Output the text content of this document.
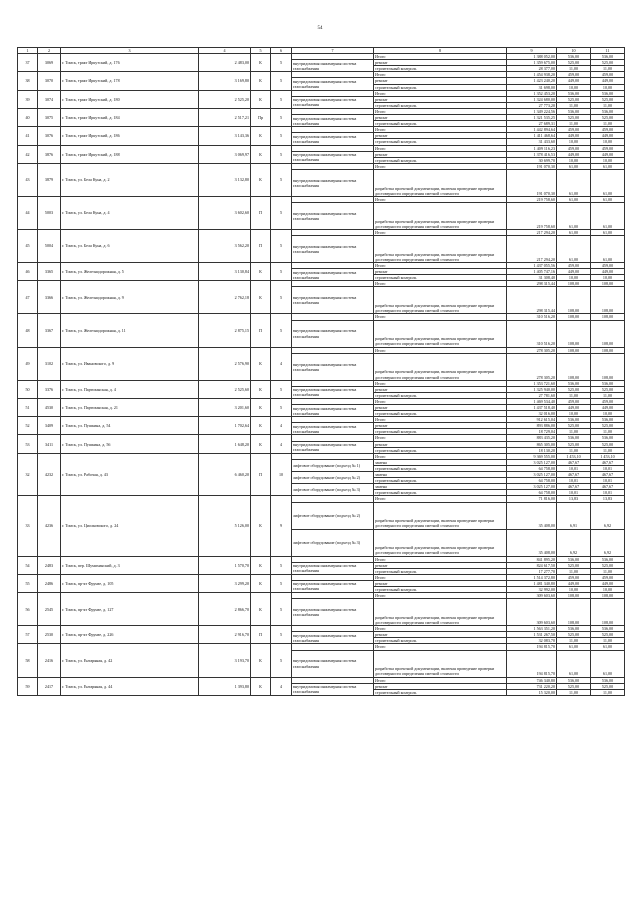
54
1	2	3	4	5	6	7	8	9	10	11
37	3069	г. Томск, тракт Иркутский, д. 176	2 483,00	К	5		Итого	1 388 052,00	536,00	536,00
						внутридомовая инженерная система газоснабжения	ремонт	1 359 675,00	525,00	525,00
							строительный контроль	28 377,00	11,00	11,00
38	3070	г. Томск, тракт Иркутский, д. 178	3 169,80	К	5		Итого	1 454 938,20	459,00	459,00
						внутридомовая инженерная система газоснабжения	ремонт	1 423 240,20	449,00	449,00
							строительный контроль	31 698,00	10,00	10,00
39	3074	г. Томск, тракт Иркутский, д. 180	2 525,20	К	5		Итого	1 352 453,20	536,00	536,00
						внутридомовая инженерная система газоснабжения	ремонт	1 324 680,00	525,00	525,00
							строительный контроль	27 773,20	11,00	11,00
40	3075	г. Томск, тракт Иркутский, д. 184	2 517,21	Пр	5		Итого	1 349 224,56	536,00	536,00
						внутридомовая инженерная система газоснабжения	ремонт	1 321 535,25	525,00	525,00
							строительный контроль	27 689,31	11,00	11,00
41	3076	г. Томск, тракт Иркутский, д. 186	3 143,36	К	5		Итого	1 442 894,64	459,00	459,00
						внутридомовая инженерная система газоснабжения	ремонт	1 411 468,64	449,00	449,00
							строительный контроль	31 433,60	10,00	10,00
42	3876	г. Томск, тракт Иркутский, д. 188	3 069,97	К	5		Итого	1 409 116,23	459,00	459,00
						внутридомовая инженерная система газоснабжения	ремонт	1 378 416,53	449,00	449,00
							строительный контроль	30 699,70	10,00	10,00
43	3879	г. Томск, ул. Бела Куна, д. 2	3 132,80	К	5		Итого	191 070,30	61,00	61,00
						внутридомовая инженерная система газоснабжения	разработка проектной документации, включая проведение проверки достоверности определения сметной стоимости	191 070,30	61,00	61,00
44	5003	г. Томск, ул. Бела Куна, д. 4	3 602,60	П	5		Итого	219 758,60	61,00	61,00
						внутридомовая инженерная система газоснабжения	разработка проектной документации, включая проведение проверки достоверности определения сметной стоимости	219 758,60	61,00	61,00
45	5004	г. Томск, ул. Бела Куна, д. 6	3 562,20	П	5		Итого	217 294,20	61,00	61,00
						внутридомовая инженерная система газоснабжения	разработка проектной документации, включая проведение проверки достоверности определения сметной стоимости	217 294,20	61,00	61,00
46	3365	г. Томск, ул. Железнодорожная, д. 5	3 130,84	К	5		Итого	1 437 055,56	459,00	459,00
						внутридомовая инженерная система газоснабжения	ремонт	1 405 747,16	449,00	449,00
							строительный контроль	31 308,40	10,00	10,00
47	3366	г. Томск, ул. Железнодорожная, д. 9	2 762,18	К	5		Итого	298 315,44	108,00	108,00
						внутридомовая инженерная система газоснабжения	разработка проектной документации, включая проведение проверки достоверности определения сметной стоимости	298 315,44	108,00	108,00
48	3367	г. Томск, ул. Железнодорожная, д. 11	2 875,15	П	5		Итого	310 516,20	108,00	108,00
						внутридомовая инженерная система газоснабжения	разработка проектной документации, включая проведение проверки достоверности определения сметной стоимости	310 516,20	108,00	108,00
49	3102	г. Томск, ул. Ивановского, д. 9	2 576,90	К	4		Итого	278 305,20	108,00	108,00
						внутридомовая инженерная система газоснабжения	разработка проектной документации, включая проведение проверки достоверности определения сметной стоимости	278 305,20	108,00	108,00
50	3376	г. Томск, ул. Партизанская, д. 4	2 525,60	К	5		Итого	1 353 721,60	536,00	536,00
						внутридомовая инженерная система газоснабжения	ремонт	1 325 940,00	525,00	525,00
							строительный контроль	27 781,60	11,00	11,00
51	4530	г. Томск, ул. Партизанская, д. 21	3 201,60	К	5		Итого	1 469 534,40	459,00	459,00
						внутридомовая инженерная система газоснабжения	ремонт	1 437 518,40	449,00	449,00
							строительный контроль	32 016,00	10,00	10,00
52	3409	г. Томск, ул. Пушкина, д. 54	1 702,64	К	4		Итого	912 615,04	536,00	536,00
						внутридомовая инженерная система газоснабжения	ремонт	893 886,00	525,00	525,00
							строительный контроль	18 729,04	11,00	11,00
53	3411	г. Томск, ул. Пушкина, д. 56	1 648,20	К	4		Итого	883 435,20	536,00	536,00
						внутридомовая инженерная система газоснабжения	ремонт	865 305,00	525,00	525,00
							строительный контроль	18 130,20	11,00	11,00
32	4232	г. Томск, ул. Рабочая, д. 43	6 460,20	П	10		Итого	9 369 555,00	1 453,10	1 453,10
						лифтовое оборудование (подъезд № 1)	замена	3 025 127,00	467,67	467,67
							строительный контроль	64 758,00	10,01	10,01
						лифтовое оборудование (подъезд № 2)	замена	3 025 127,00	467,67	467,67
							строительный контроль	64 758,00	10,01	10,01
						лифтовое оборудование (подъезд № 3)	замена	3 025 127,00	467,67	467,67
							строительный контроль	64 758,00	10,01	10,01
33	4236	г. Томск, ул. Циолковского, д. 24	5 126,00	К	9		Итого	71 816,00	13,83	13,83
						лифтовое оборудование (подъезд № 2)	разработка проектной документации, включая проведение проверки достоверности определения сметной стоимости	35 408,00	6,91	6,92
						лифтовое оборудование (подъезд № 3)	разработка проектной документации, включая проведение проверки достоверности определения сметной стоимости	35 408,00	6,92	6,92
54	2483	г. Томск, пер. Шумихинский, д. 3	1 570,70	К	5		Итого	841 895,20	536,00	536,00
						внутридомовая инженерная система газоснабжения	ремонт	824 617,50	525,00	525,00
							строительный контроль	17 277,70	11,00	11,00
55	2486	г. Томск, пр-кт Фрунзе, д. 105	3 299,20	К	5		Итого	1 514 372,80	459,00	459,00
						внутридомовая инженерная система газоснабжения	ремонт	1 481 340,80	449,00	449,00
							строительный контроль	32 992,00	10,00	10,00
56	2545	г. Томск, пр-кт Фрунзе, д. 127	2 866,70	К	5		Итого	309 603,60	108,00	108,00
						внутридомовая инженерная система газоснабжения	разработка проектной документации, включая проведение проверки достоверности определения сметной стоимости	309 603,60	108,00	108,00
57	2530	г. Томск, пр-кт Фрунзе, д. 226	2 916,70	П	5		Итого	1 563 351,20	536,00	536,00
						внутридомовая инженерная система газоснабжения	ремонт	1 531 267,50	525,00	525,00
							строительный контроль	32 083,70	11,00	11,00
58	2416	г. Томск, ул. Ентаряная, д. 42	3 193,70	К	5		Итого	194 815,70	61,00	61,00
						внутридомовая инженерная система газоснабжения	разработка проектной документации, включая проведение проверки достоверности определения сметной стоимости	194 815,70	61,00	61,00
59	2417	г. Томск, ул. Ентаряная, д. 44	1 393,80	К	4		Итого	746 340,80	536,00	536,00
						внутридомовая инженерная система газоснабжения	ремонт	731 220,20	525,00	525,00
							строительный контроль	15 320,00	11,00	11,00
